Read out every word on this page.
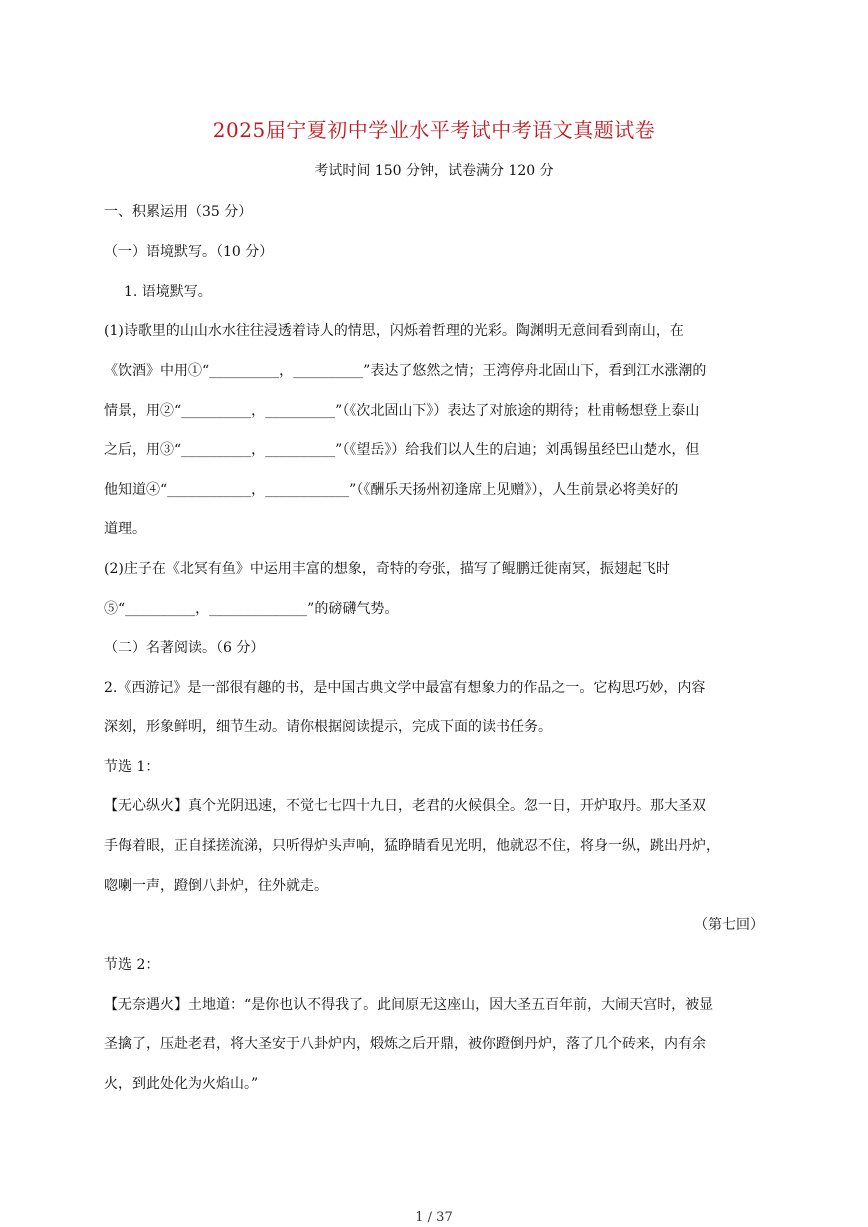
2025届宁夏初中学业水平考试中考语文真题试卷
考试时间 150 分钟，试卷满分 120 分
一、积累运用（35 分）
（一）语境默写。（10 分）
1. 语境默写。
(1)诗歌里的山山水水往往浸透着诗人的情思，闪烁着哲理的光彩。陶渊明无意间看到南山，在
《饮酒》中用①“__________，__________”表达了悠然之情；王湾停舟北固山下，看到江水涨潮的
情景，用②“__________，__________”（《次北固山下》）表达了对旅途的期待；杜甫畅想登上泰山
之后，用③“__________，__________”（《望岳》）给我们以人生的启迪；刘禹锡虽经巴山楚水，但
他知道④“____________，____________”（《酬乐天扬州初逢席上见赠》），人生前景必将美好的
道理。
(2)庄子在《北冥有鱼》中运用丰富的想象，奇特的夸张，描写了鲲鹏迁徙南冥，振翅起飞时
⑤“__________，______________”的磅礴气势。
（二）名著阅读。（6 分）
2.《西游记》是一部很有趣的书，是中国古典文学中最富有想象力的作品之一。它构思巧妙，内容
深刻，形象鲜明，细节生动。请你根据阅读提示，完成下面的读书任务。
节选 1：
【无心纵火】真个光阴迅速，不觉七七四十九日，老君的火候俱全。忽一日，开炉取丹。那大圣双
手侮着眼，正自揉搓流涕，只听得炉头声响，猛睁睛看见光明，他就忍不住，将身一纵，跳出丹炉，
唿喇一声，蹬倒八卦炉，往外就走。
（第七回）
节选 2：
【无奈遇火】土地道：“是你也认不得我了。此间原无这座山，因大圣五百年前，大闹天宫时，被显
圣擒了，压赴老君，将大圣安于八卦炉内，煅炼之后开鼎，被你蹬倒丹炉，落了几个砖来，内有余
火，到此处化为火焰山。”
1 / 37
